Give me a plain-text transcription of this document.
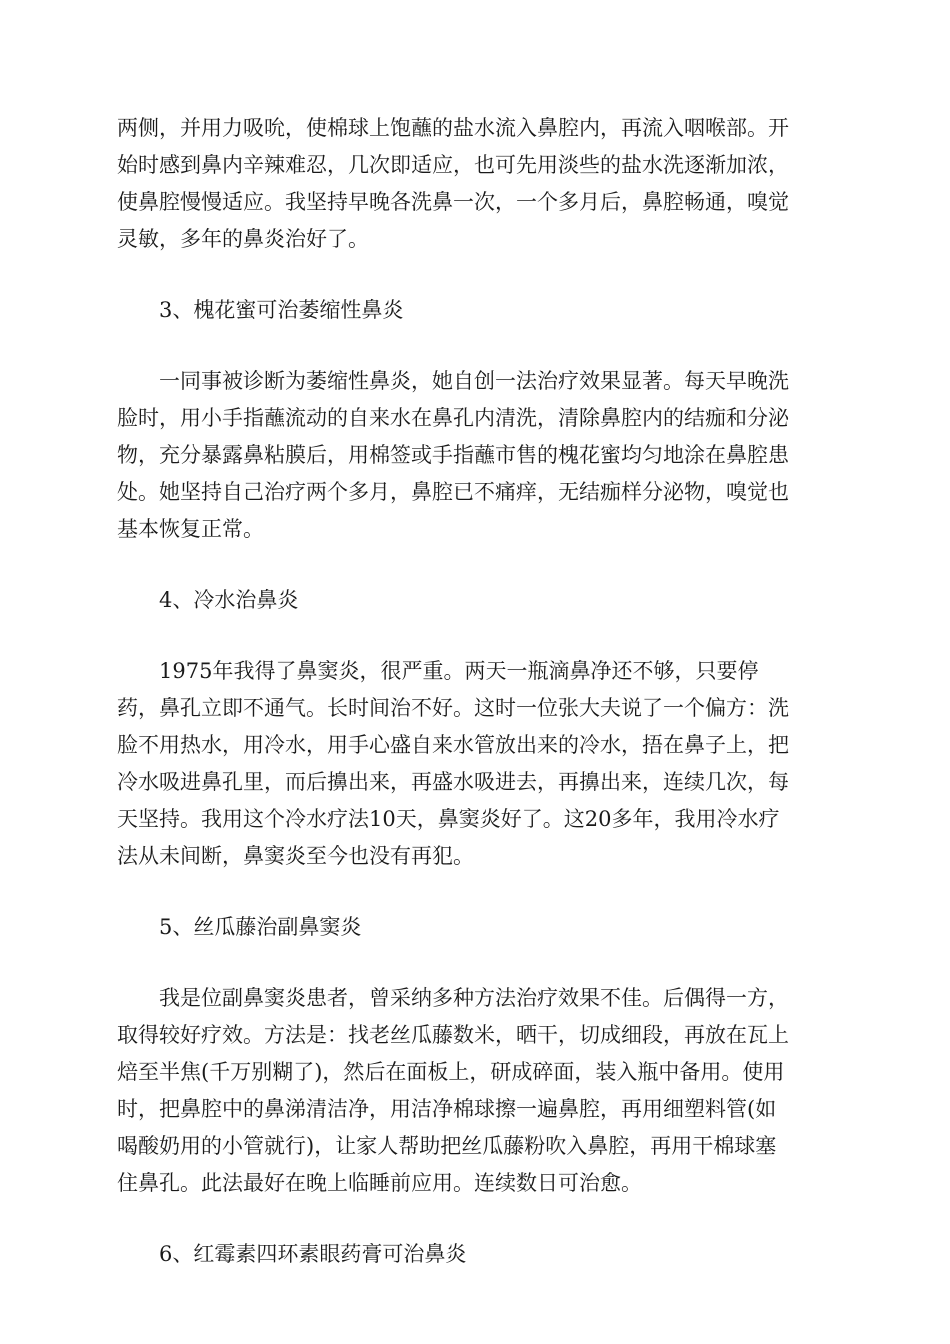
两侧，并用力吸吮，使棉球上饱蘸的盐水流入鼻腔内，再流入咽喉部。开
始时感到鼻内辛辣难忍，几次即适应，也可先用淡些的盐水洗逐渐加浓，
使鼻腔慢慢适应。我坚持早晚各洗鼻一次，一个多月后，鼻腔畅通，嗅觉
灵敏，多年的鼻炎治好了。

3、槐花蜜可治萎缩性鼻炎

一同事被诊断为萎缩性鼻炎，她自创一法治疗效果显著。每天早晚洗
脸时，用小手指蘸流动的自来水在鼻孔内清洗，清除鼻腔内的结痂和分泌
物，充分暴露鼻粘膜后，用棉签或手指蘸市售的槐花蜜均匀地涂在鼻腔患
处。她坚持自己治疗两个多月，鼻腔已不痛痒，无结痂样分泌物，嗅觉也
基本恢复正常。

4、冷水治鼻炎

1975年我得了鼻窦炎，很严重。两天一瓶滴鼻净还不够，只要停
药，鼻孔立即不通气。长时间治不好。这时一位张大夫说了一个偏方：洗
脸不用热水，用冷水，用手心盛自来水管放出来的冷水，捂在鼻子上，把
冷水吸进鼻孔里，而后擤出来，再盛水吸进去，再擤出来，连续几次，每
天坚持。我用这个冷水疗法10天，鼻窦炎好了。这20多年，我用冷水疗
法从未间断，鼻窦炎至今也没有再犯。

5、丝瓜藤治副鼻窦炎

我是位副鼻窦炎患者，曾采纳多种方法治疗效果不佳。后偶得一方，
取得较好疗效。方法是：找老丝瓜藤数米，晒干，切成细段，再放在瓦上
焙至半焦(千万别糊了)，然后在面板上，研成碎面，装入瓶中备用。使用
时，把鼻腔中的鼻涕清洁净，用洁净棉球擦一遍鼻腔，再用细塑料管(如
喝酸奶用的小管就行)，让家人帮助把丝瓜藤粉吹入鼻腔，再用干棉球塞
住鼻孔。此法最好在晚上临睡前应用。连续数日可治愈。

6、红霉素四环素眼药膏可治鼻炎
